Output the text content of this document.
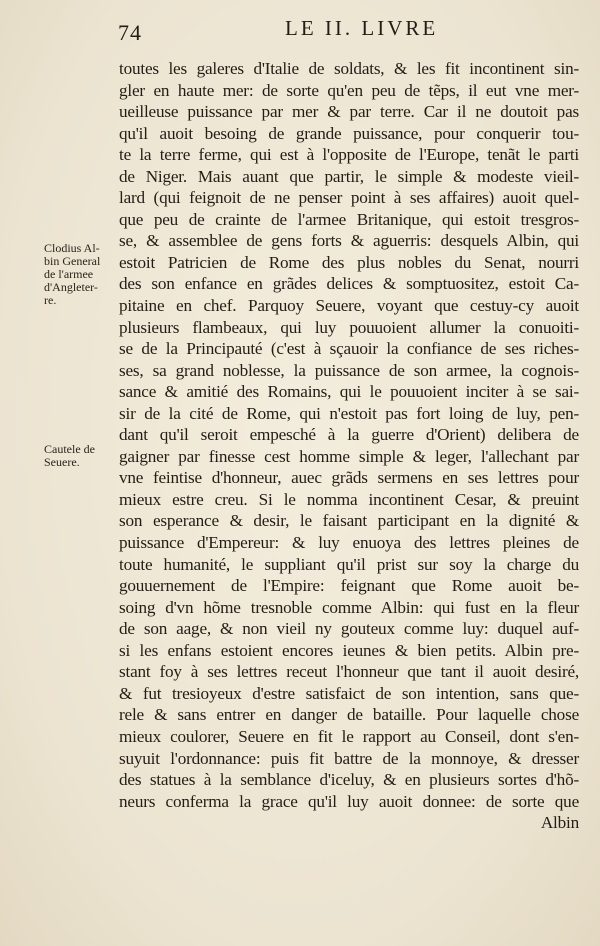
74	LE II. LIVRE
toutes les galeres d'Italie de soldats, & les fit incontinent sin-
gler en haute mer: de sorte qu'en peu de tẽps, il eut vne mer-
ueilleuse puissance par mer & par terre. Car il ne doutoit pas
qu'il auoit besoing de grande puissance, pour conquerir tou-
te la terre ferme, qui est à l'opposite de l'Europe, tenãt le parti
de Niger. Mais auant que partir, le simple & modeste vieil-
lard (qui feignoit de ne penser point à ses affaires) auoit quel-
que peu de crainte de l'armee Britanique, qui estoit tresgros-
se, & assemblee de gens forts & aguerris: desquels Albin, qui
estoit Patricien de Rome des plus nobles du Senat, nourri
des son enfance en grãdes delices & somptuositez, estoit Ca-
pitaine en chef. Parquoy Seuere, voyant que cestuy-cy auoit
plusieurs flambeaux, qui luy pouuoient allumer la conuoiti-
se de la Principauté (c'est à sçauoir la confiance de ses riches-
ses, sa grand noblesse, la puissance de son armee, la cognois-
sance & amitié des Romains, qui le pouuoient inciter à se sai-
sir de la cité de Rome, qui n'estoit pas fort loing de luy, pen-
dant qu'il seroit empesché à la guerre d'Orient) delibera de
gaigner par finesse cest homme simple & leger, l'allechant par
vne feintise d'honneur, auec grãds sermens en ses lettres pour
mieux estre creu. Si le nomma incontinent Cesar, & preuint
son esperance & desir, le faisant participant en la dignité &
puissance d'Empereur: & luy enuoya des lettres pleines de
toute humanité, le suppliant qu'il prist sur soy la charge du
gouuernement de l'Empire: feignant que Rome auoit be-
soing d'vn hõme tresnoble comme Albin: qui fust en la fleur
de son aage, & non vieil ny gouteux comme luy: duquel auf-
si les enfans estoient encores ieunes & bien petits. Albin pre-
stant foy à ses lettres receut l'honneur que tant il auoit desiré,
& fut tresioyeux d'estre satisfaict de son intention, sans que-
rele & sans entrer en danger de bataille. Pour laquelle chose
mieux coulorer, Seuere en fit le rapport au Conseil, dont s'en-
suyuit l'ordonnance: puis fit battre de la monnoye, & dresser
des statues à la semblance d'iceluy, & en plusieurs sortes d'hõ-
neurs conferma la grace qu'il luy auoit donnee: de sorte que
Albin
Clodius Al-
bin General
de l'armee
d'Angleter-
re.
Cautele de
Seuere.
